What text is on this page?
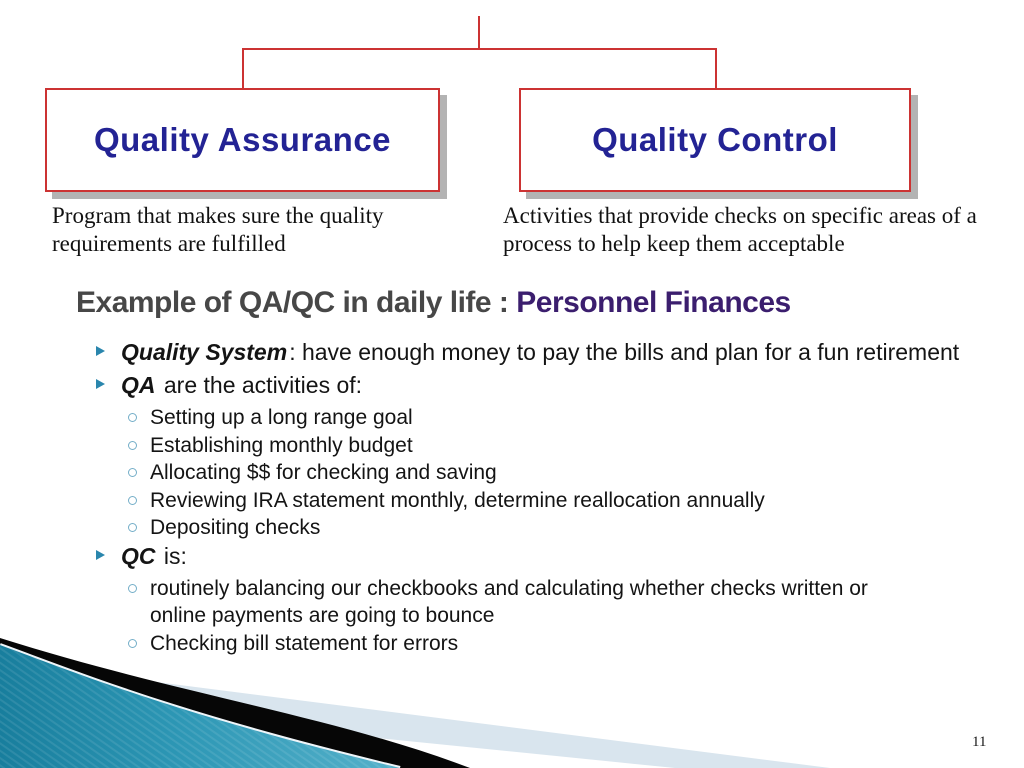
Quality Assurance	Quality Control
Program that makes sure the quality requirements are fulfilled
Activities that provide checks on specific areas of a process to help keep them acceptable
Example of QA/QC in daily life : Personnel Finances
Quality System: have enough money to pay the bills and plan for a fun retirement
QA are the activities of:
Setting up a long range goal
Establishing monthly budget
Allocating $$ for checking and saving
Reviewing IRA statement monthly, determine reallocation annually
Depositing checks
QC is:
routinely balancing our checkbooks and calculating whether checks written or online payments are going to bounce
Checking bill statement for errors
11
